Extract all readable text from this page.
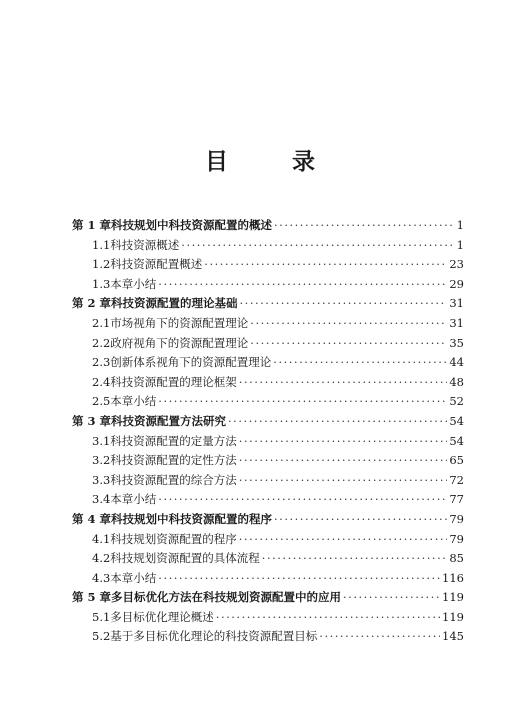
目 录
第 1 章 科技规划中科技资源配置的概述 ·····	1
1.1 科技资源概述 ·····	1
1.2 科技资源配置概述 ·····	23
1.3 本章小结 ·····	29
第 2 章 科技资源配置的理论基础 ·····	31
2.1 市场视角下的资源配置理论 ·····	31
2.2 政府视角下的资源配置理论 ·····	35
2.3 创新体系视角下的资源配置理论 ·····	44
2.4 科技资源配置的理论框架 ·····	48
2.5 本章小结 ·····	52
第 3 章 科技资源配置方法研究 ·····	54
3.1 科技资源配置的定量方法 ·····	54
3.2 科技资源配置的定性方法 ·····	65
3.3 科技资源配置的综合方法 ·····	72
3.4 本章小结 ·····	77
第 4 章 科技规划中科技资源配置的程序 ·····	79
4.1 科技规划资源配置的程序 ·····	79
4.2 科技规划资源配置的具体流程 ·····	85
4.3 本章小结 ·····	116
第 5 章 多目标优化方法在科技规划资源配置中的应用 ·····	119
5.1 多目标优化理论概述 ·····	119
5.2 基于多目标优化理论的科技资源配置目标 ·····	145
